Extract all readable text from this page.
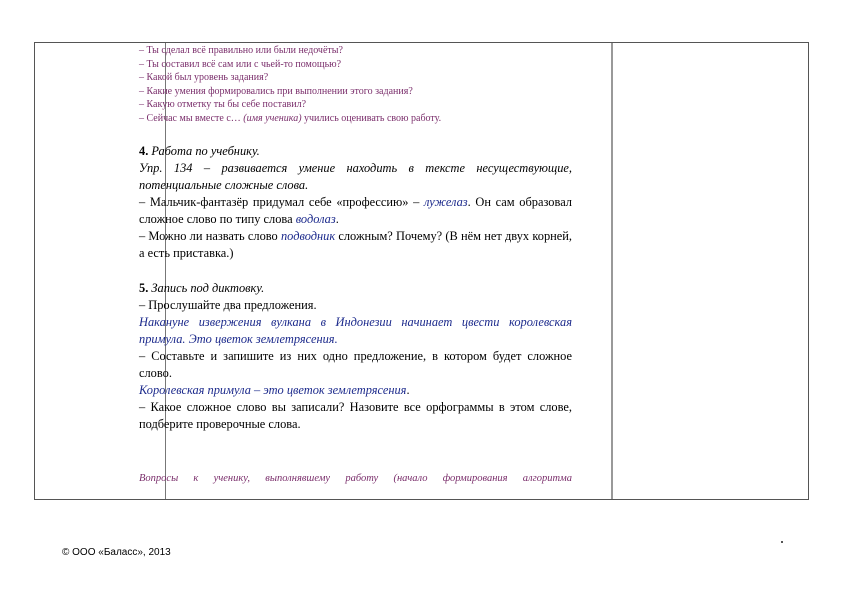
– Ты сделал всё правильно или были недочёты?
– Ты составил всё сам или с чьей-то помощью?
– Какой был уровень задания?
– Какие умения формировались при выполнении этого задания?
– Какую отметку ты бы себе поставил?
– Сейчас мы вместе с… (имя ученика) учились оценивать свою работу.
4. Работа по учебнику.
Упр. 134 – развивается умение находить в тексте несуществующие, потенциальные сложные слова.
– Мальчик-фантазёр придумал себе «профессию» – лужелаз. Он сам образовал сложное слово по типу слова водолаз.
– Можно ли назвать слово подводник сложным? Почему? (В нём нет двух корней, а есть приставка.)
5. Запись под диктовку.
– Прослушайте два предложения.
Накануне извержения вулкана в Индонезии начинает цвести королевская примула. Это цветок землетрясения.
– Составьте и запишите из них одно предложение, в котором будет сложное слово.
Королевская примула – это цветок землетрясения.
– Какое сложное слово вы записали? Назовите все орфограммы в этом слове, подберите проверочные слова.
Вопросы к ученику, выполнявшему работу (начало формирования алгоритма
© ООО «Баласс», 2013
